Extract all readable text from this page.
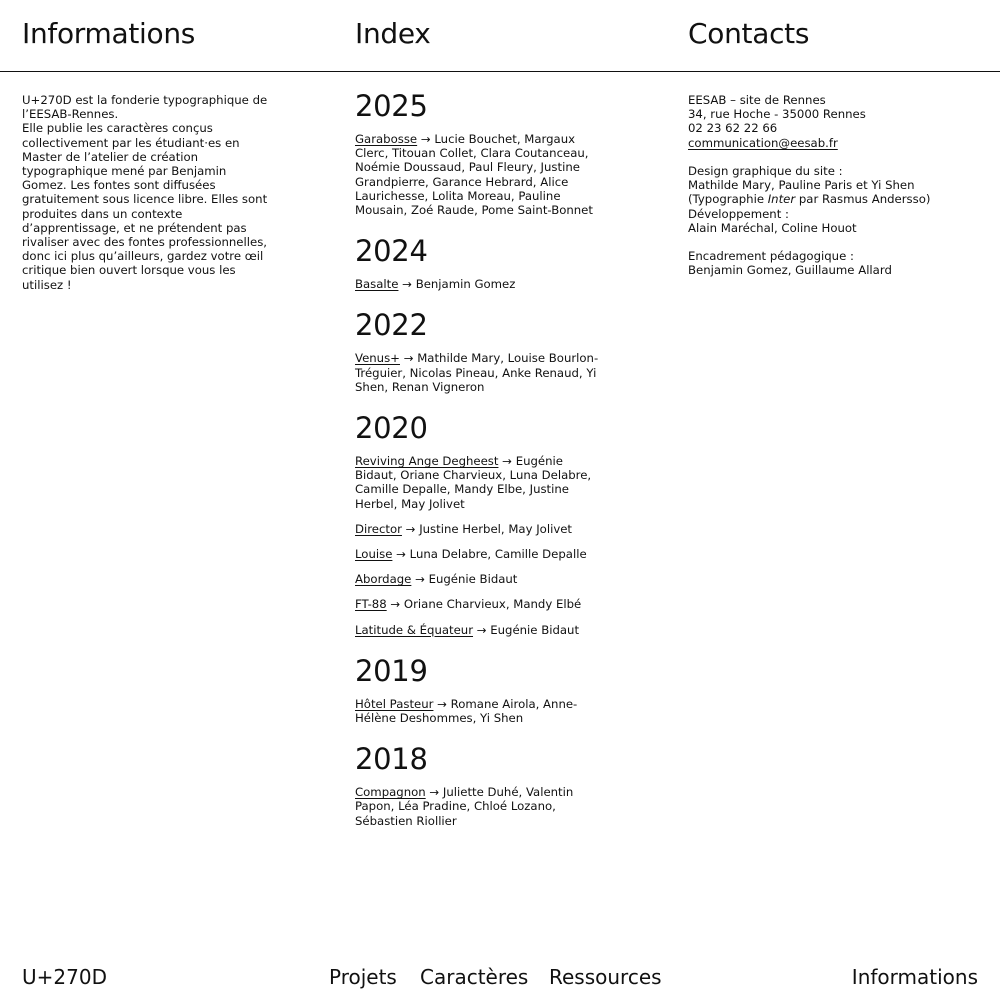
Informations	Index	Contacts

U+270D est la fonderie typographique de l’EESAB-Rennes.

Elle publie les caractères conçus collectivement par les étudiant·es en Master de l’atelier de création typographique mené par Benjamin Gomez. Les fontes sont diffusées gratuitement sous licence libre. Elles sont produites dans un contexte d’apprentissage, et ne prétendent pas rivaliser avec des fontes professionnelles, donc ici plus qu’ailleurs, gardez votre œil critique bien ouvert lorsque vous les utilisez !

2025

Garabosse → Lucie Bouchet, Margaux Clerc, Titouan Collet, Clara Coutanceau, Noémie Doussaud, Paul Fleury, Justine Grandpierre, Garance Hebrard, Alice Laurichesse, Lolita Moreau, Pauline Mousain, Zoé Raude, Pome Saint-Bonnet

2024

Basalte → Benjamin Gomez

2022

Venus+ → Mathilde Mary, Louise Bourlon-Tréguier, Nicolas Pineau, Anke Renaud, Yi Shen, Renan Vigneron

2020

Reviving Ange Degheest → Eugénie Bidaut, Oriane Charvieux, Luna Delabre, Camille Depalle, Mandy Elbe, Justine Herbel, May Jolivet

Director → Justine Herbel, May Jolivet

Louise → Luna Delabre, Camille Depalle

Abordage → Eugénie Bidaut

FT-88 → Oriane Charvieux, Mandy Elbé

Latitude & Équateur → Eugénie Bidaut

2019

Hôtel Pasteur → Romane Airola, Anne-Hélène Deshommes, Yi Shen

2018

Compagnon → Juliette Duhé, Valentin Papon, Léa Pradine, Chloé Lozano, Sébastien Riollier

EESAB – site de Rennes

34, rue Hoche - 35000 Rennes

02 23 62 22 66

communication@eesab.fr

Design graphique du site :

Mathilde Mary, Pauline Paris et Yi Shen

(Typographie Inter par Rasmus Andersso)

Développement :

Alain Maréchal, Coline Houot

Encadrement pédagogique :

Benjamin Gomez, Guillaume Allard

U+270D	Projets Caractères Ressources	Informations
